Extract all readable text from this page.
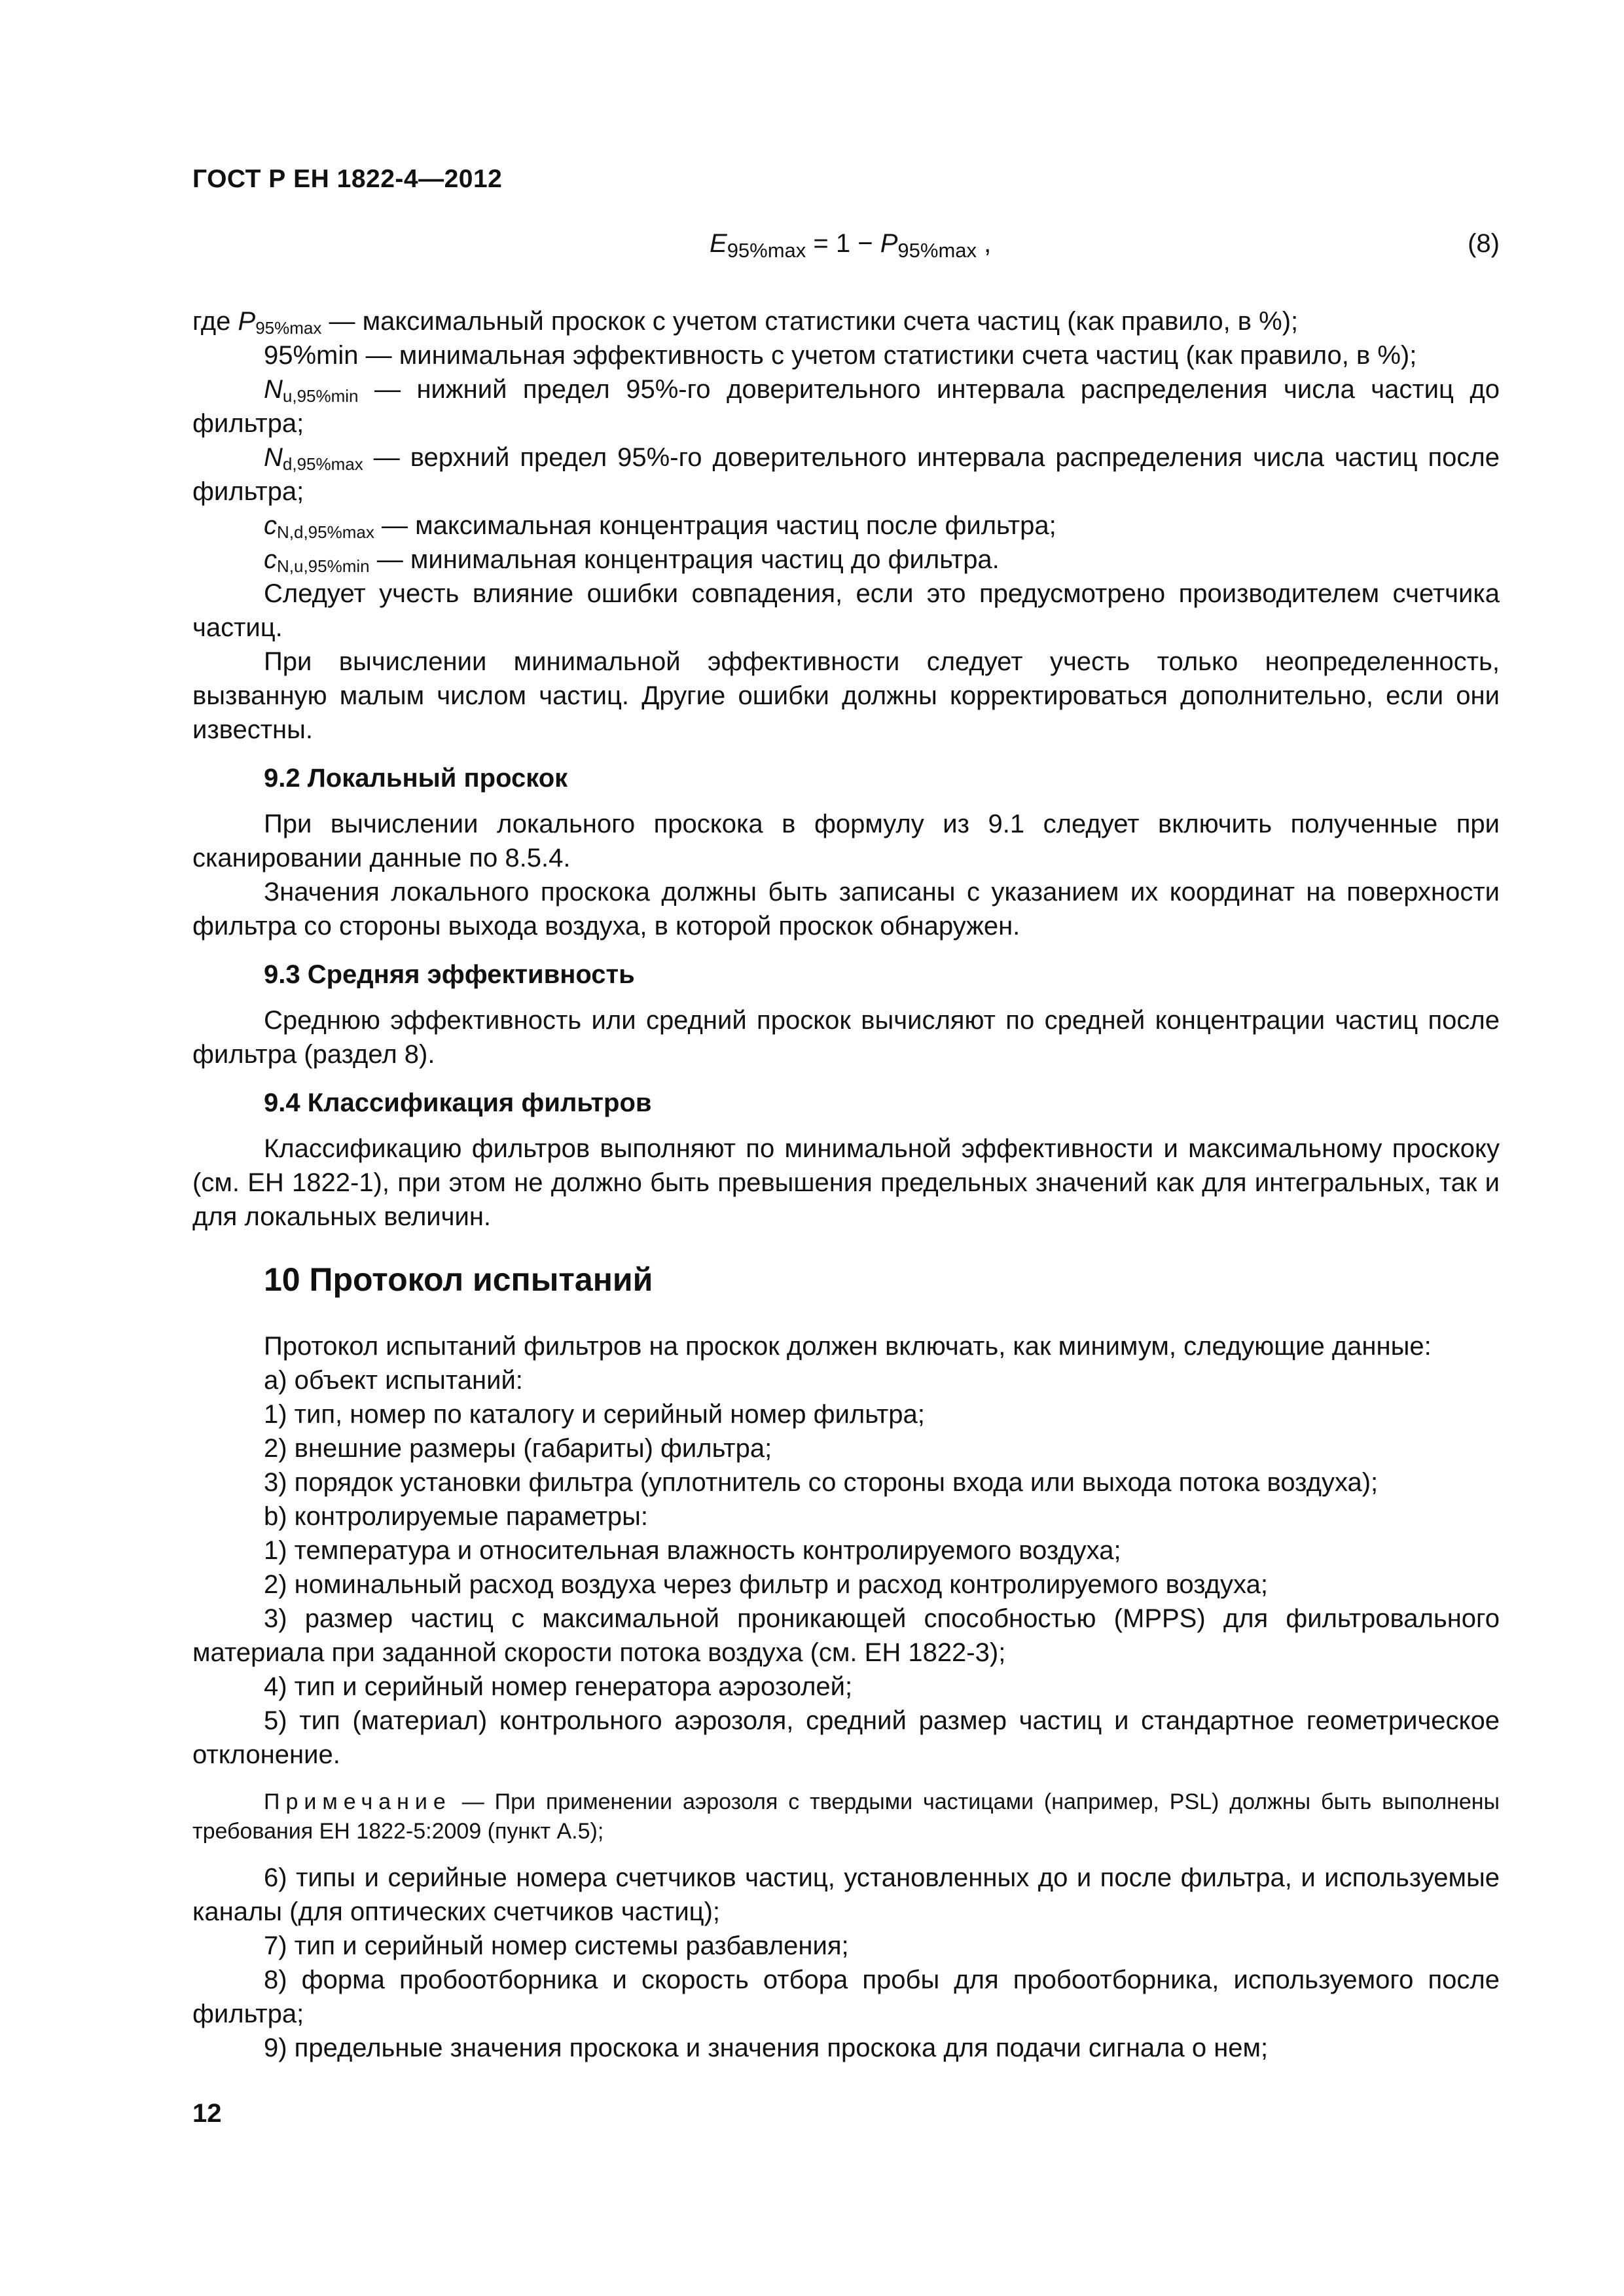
ГОСТ Р ЕН 1822-4—2012
$E_{95\%max} = 1 - P_{95\%max}$ ,	(8)

где $P_{95\%max}$ — максимальный проскок с учетом статистики счета частиц (как правило, в %);

95%min — минимальная эффективность с учетом статистики счета частиц (как правило, в %);

$N_{u,95\%min}$ — нижний предел 95%-го доверительного интервала распределения числа частиц до фильтра;

$N_{d,95\%max}$ — верхний предел 95%-го доверительного интервала распределения числа частиц после фильтра;

$c_{N,d,95\%max}$ — максимальная концентрация частиц после фильтра;

$c_{N,u,95\%min}$ — минимальная концентрация частиц до фильтра.

Следует учесть влияние ошибки совпадения, если это предусмотрено производителем счетчика частиц.

При вычислении минимальной эффективности следует учесть только неопределенность, вызванную малым числом частиц. Другие ошибки должны корректироваться дополнительно, если они известны.

9.2 Локальный проскок

При вычислении локального проскока в формулу из 9.1 следует включить полученные при сканировании данные по 8.5.4.

Значения локального проскока должны быть записаны с указанием их координат на поверхности фильтра со стороны выхода воздуха, в которой проскок обнаружен.

9.3 Средняя эффективность

Среднюю эффективность или средний проскок вычисляют по средней концентрации частиц после фильтра (раздел 8).

9.4 Классификация фильтров

Классификацию фильтров выполняют по минимальной эффективности и максимальному проскоку (см. ЕН 1822-1), при этом не должно быть превышения предельных значений как для интегральных, так и для локальных величин.

10 Протокол испытаний

Протокол испытаний фильтров на проскок должен включать, как минимум, следующие данные:

a) объект испытаний:

1) тип, номер по каталогу и серийный номер фильтра;

2) внешние размеры (габариты) фильтра;

3) порядок установки фильтра (уплотнитель со стороны входа или выхода потока воздуха);

b) контролируемые параметры:

1) температура и относительная влажность контролируемого воздуха;

2) номинальный расход воздуха через фильтр и расход контролируемого воздуха;

3) размер частиц с максимальной проникающей способностью (MPPS) для фильтровального материала при заданной скорости потока воздуха (см. ЕН 1822-3);

4) тип и серийный номер генератора аэрозолей;

5) тип (материал) контрольного аэрозоля, средний размер частиц и стандартное геометрическое отклонение.

Примечание — При применении аэрозоля с твердыми частицами (например, PSL) должны быть выполнены требования ЕН 1822-5:2009 (пункт А.5);

6) типы и серийные номера счетчиков частиц, установленных до и после фильтра, и используемые каналы (для оптических счетчиков частиц);

7) тип и серийный номер системы разбавления;

8) форма пробоотборника и скорость отбора пробы для пробоотборника, используемого после фильтра;

9) предельные значения проскока и значения проскока для подачи сигнала о нем;

12
